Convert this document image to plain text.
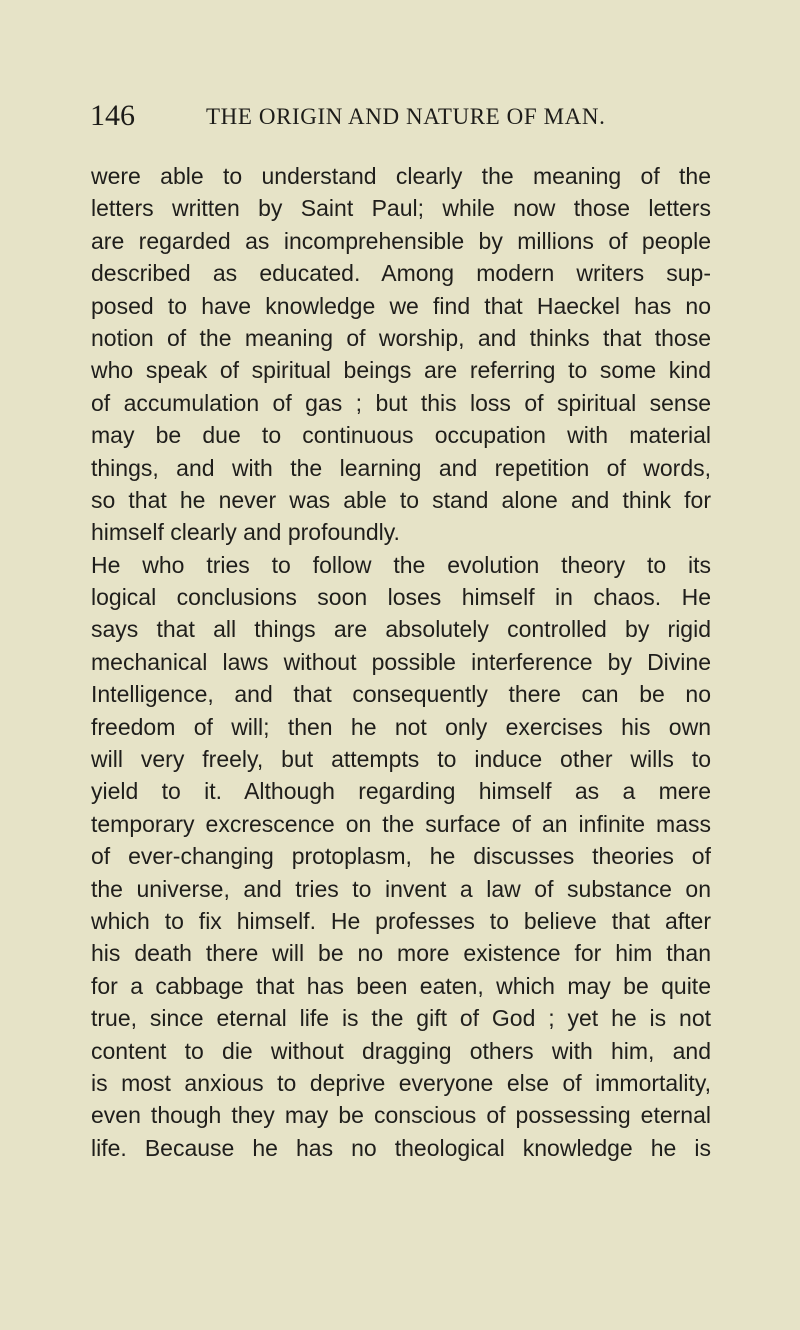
146	THE ORIGIN AND NATURE OF MAN.
were able to understand clearly the meaning of the
letters written by Saint Paul; while now those letters
are regarded as incomprehensible by millions of people
described as educated. Among modern writers sup-
posed to have knowledge we find that Haeckel has no
notion of the meaning of worship, and thinks that those
who speak of spiritual beings are referring to some kind
of accumulation of gas ; but this loss of spiritual sense
may be due to continuous occupation with material
things, and with the learning and repetition of words,
so that he never was able to stand alone and think for
himself clearly and profoundly.
He who tries to follow the evolution theory to its
logical conclusions soon loses himself in chaos. He
says that all things are absolutely controlled by rigid
mechanical laws without possible interference by Divine
Intelligence, and that consequently there can be no
freedom of will; then he not only exercises his own
will very freely, but attempts to induce other wills to
yield to it. Although regarding himself as a mere
temporary excrescence on the surface of an infinite mass
of ever-changing protoplasm, he discusses theories of
the universe, and tries to invent a law of substance on
which to fix himself. He professes to believe that after
his death there will be no more existence for him than
for a cabbage that has been eaten, which may be quite
true, since eternal life is the gift of God ; yet he is not
content to die without dragging others with him, and
is most anxious to deprive everyone else of immortality,
even though they may be conscious of possessing eternal
life. Because he has no theological knowledge he is
